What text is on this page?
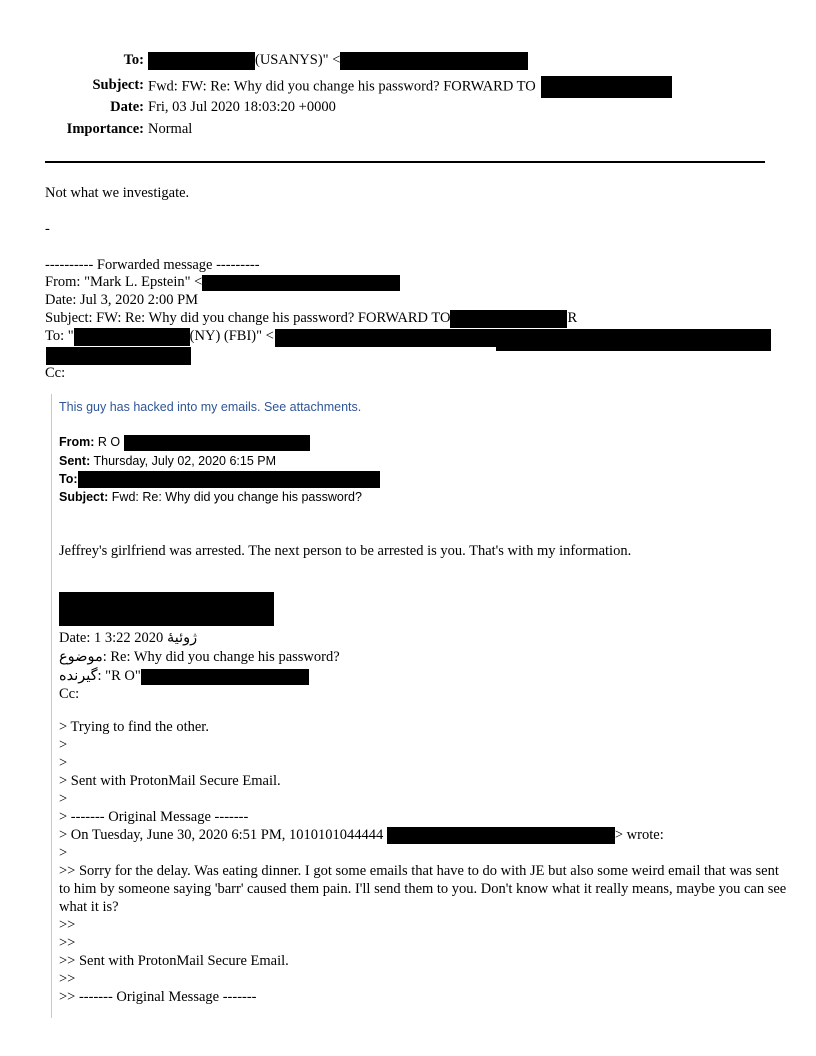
To:	(USANYS)" <
Subject: Fwd: FW: Re: Why did you change his password? FORWARD TO
Date: Fri, 03 Jul 2020 18:03:20 +0000
Importance: Normal
Not what we investigate.
-
---------- Forwarded message ---------
From: "Mark L. Epstein" <
Date: Jul 3, 2020 2:00 PM
Subject: FW: Re: Why did you change his password? FORWARD TO	R
To: "	(NY) (FBI)" <
Cc:
This guy has hacked into my emails. See attachments.
From: R O
Sent: Thursday, July 02, 2020 6:15 PM
To:
Subject: Fwd: Re: Why did you change his password?
Jeffrey's girlfriend was arrested. The next person to be arrested is you. That's with my information.
Date: 1 3:22 2020 ژوئیهٔ
موضوع: Re: Why did you change his password?
گیرنده: "R O"
Cc:
> Trying to find the other.
>
>
> Sent with ProtonMail Secure Email.
>
> ------- Original Message -------
> On Tuesday, June 30, 2020 6:51 PM, 1010101044444	> wrote:
>
>> Sorry for the delay. Was eating dinner. I got some emails that have to do with JE but also some weird email that was sent to him by someone saying 'barr' caused them pain. I'll send them to you. Don't know what it really means, maybe you can see what it is?
>>
>>
>> Sent with ProtonMail Secure Email.
>>
>> ------- Original Message -------
